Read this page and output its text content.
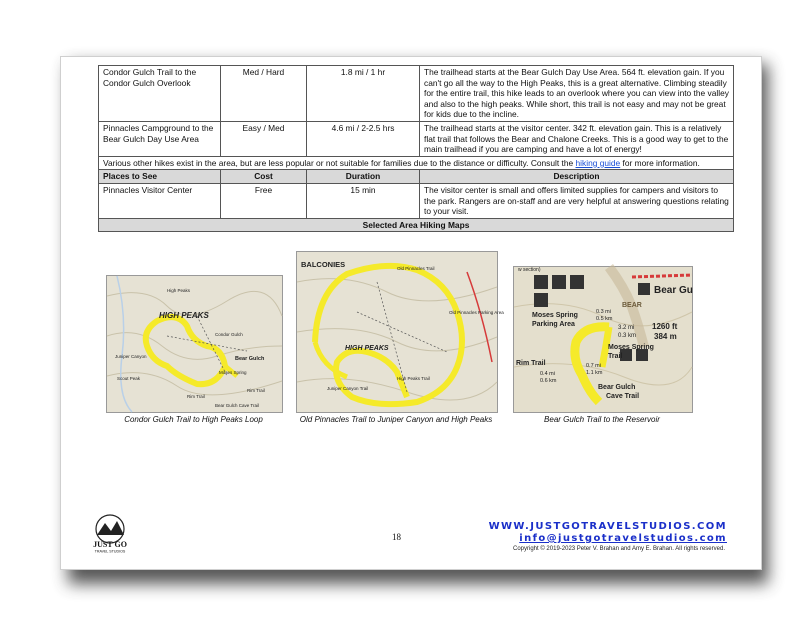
Condor Gulch Trail to the Condor Gulch Overlook	Med / Hard	1.8 mi / 1 hr	The trailhead starts at the Bear Gulch Day Use Area. 564 ft. elevation gain. If you can't go all the way to the High Peaks, this is a great alternative. Climbing steadily for the entire trail, this hike leads to an overlook where you can view into the valley and also to the high peaks. While short, this trail is not easy and may not be great for kids due to the incline.
Pinnacles Campground to the Bear Gulch Day Use Area	Easy / Med	4.6 mi / 2-2.5 hrs	The trailhead starts at the visitor center. 342 ft. elevation gain. This is a relatively flat trail that follows the Bear and Chalone Creeks. This is a good way to get to the main trailhead if you are camping and have a lot of energy!
Various other hikes exist in the area, but are less popular or not suitable for families due to the distance or difficulty. Consult the hiking guide for more information.			
Places to See	Cost	Duration	Description
Pinnacles Visitor Center	Free	15 min	The visitor center is small and offers limited supplies for campers and visitors to the park. Rangers are on-staff and are very helpful at answering questions relating to your visit.
Selected Area Hiking Maps			
HIGH PEAKS
High Peaks
Condor Gulch
Bear Gulch
Moses Spring
Rim Trail
Bear Gulch Cave Trail
Juniper Canyon
Scout Peak
Rim Trail
Condor Gulch Trail to High Peaks Loop
BALCONIES
HIGH PEAKS
Old Pinnacles Parking Area
Old Pinnacles Trail
Juniper Canyon Trail
High Peaks Trail
Old Pinnacles Trail to Juniper Canyon and High Peaks
w section)
Bear Gu
Moses Spring
Parking Area	3.2 mi
0.3 km
1260 ft
384 m
Moses Spring
Trail
0.3 mi
0.5 km
Rim Trail
0.4 mi
0.6 km
0.7 mi
1.1 km
Bear Gulch
Cave Trail
BEAR
Bear Gulch Trail to the Reservoir
JUST GO
TRAVEL STUDIOS
18
WWW.JUSTGOTRAVELSTUDIOS.COM
info@justgotravelstudios.com
Copyright © 2019-2023 Peter V. Brahan and Amy E. Brahan. All rights reserved.
